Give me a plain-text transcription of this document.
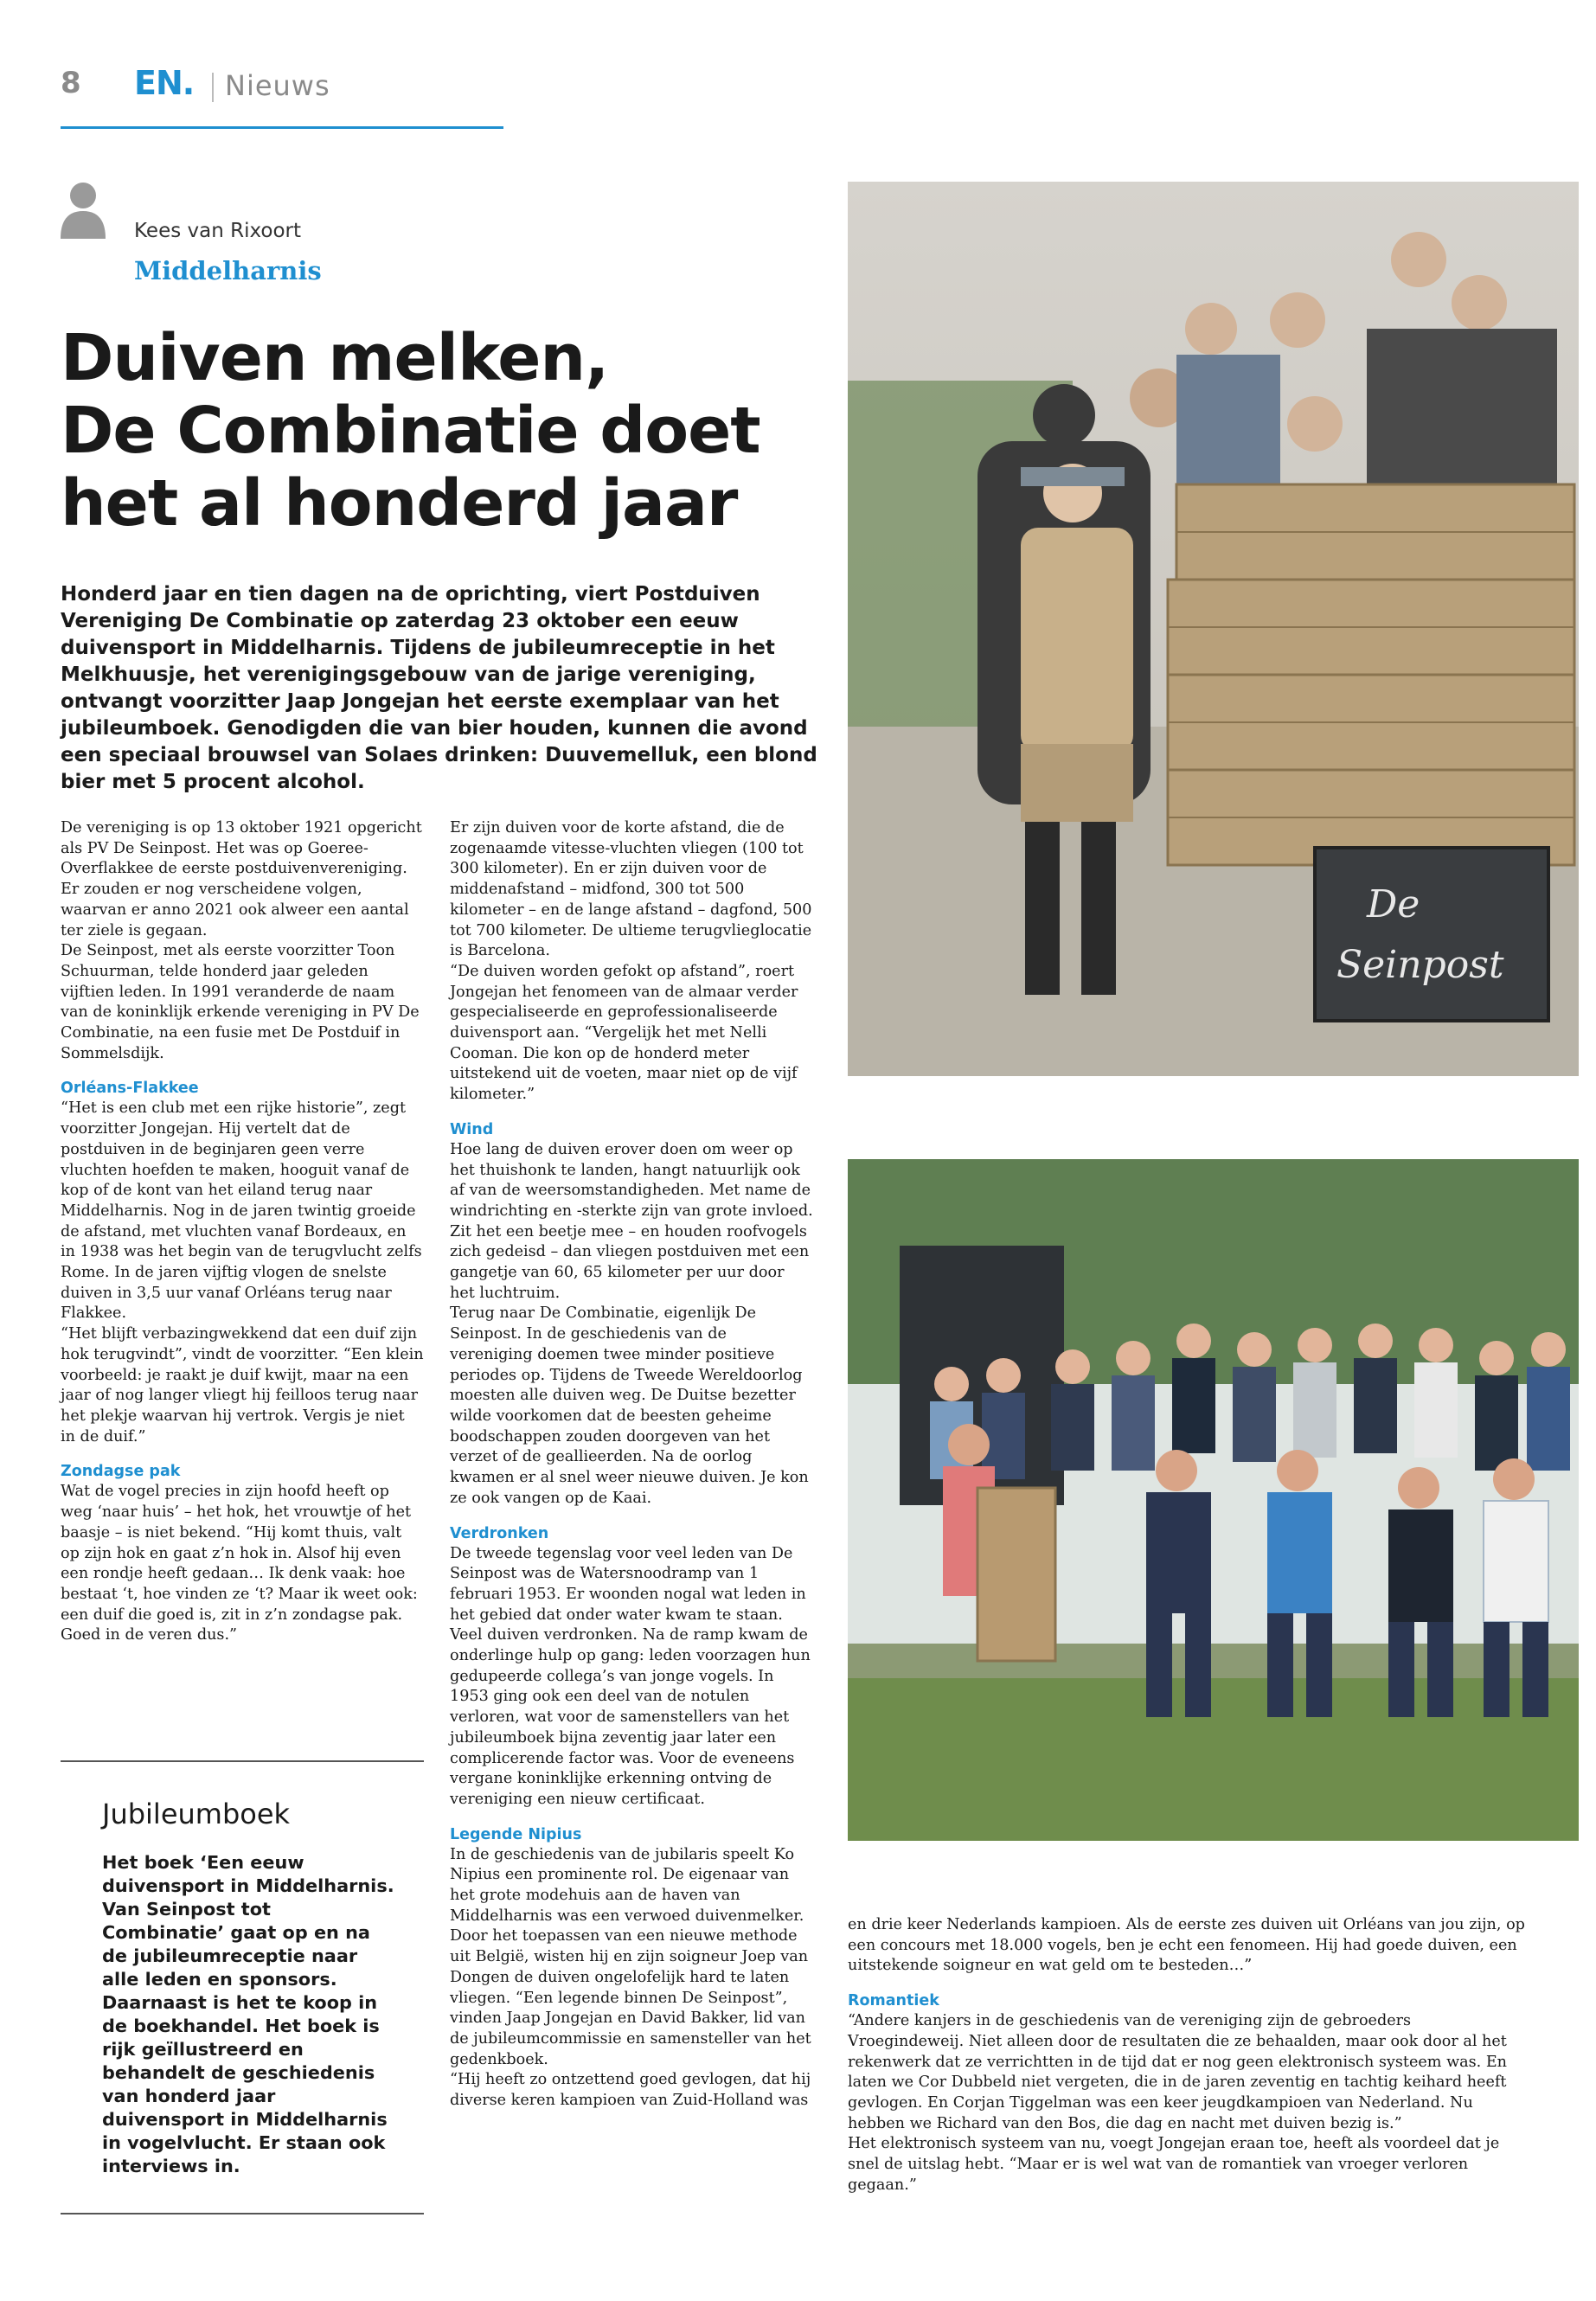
8 EN. Nieuws
Kees van Rixoort
Middelharnis
Duiven melken,
De Combinatie doet
het al honderd jaar
Honderd jaar en tien dagen na de oprichting, viert Postduiven Vereniging De Combinatie op zaterdag 23 oktober een eeuw duivensport in Middelharnis. Tijdens de jubileumreceptie in het Melkhuusje, het verenigingsgebouw van de jarige vereniging, ontvangt voorzitter Jaap Jongejan het eerste exemplaar van het jubileumboek. Genodigden die van bier houden, kunnen die avond een speciaal brouwsel van Solaes drinken: Duuvemelluk, een blond bier met 5 procent alcohol.

De vereniging is op 13 oktober 1921 opgericht als PV De Seinpost. Het was op Goeree-Overflakkee de eerste postduivenvereniging. Er zouden er nog verscheidene volgen, waarvan er anno 2021 ook alweer een aantal ter ziele is gegaan.

De Seinpost, met als eerste voorzitter Toon Schuurman, telde honderd jaar geleden vijftien leden. In 1991 veranderde de naam van de koninklijk erkende vereniging in PV De Combinatie, na een fusie met De Postduif in Sommelsdijk.

Orléans-Flakkee

“Het is een club met een rijke historie”, zegt voorzitter Jongejan. Hij vertelt dat de postduiven in de beginjaren geen verre vluchten hoefden te maken, hooguit vanaf de kop of de kont van het eiland terug naar Middelharnis. Nog in de jaren twintig groeide de afstand, met vluchten vanaf Bordeaux, en in 1938 was het begin van de terugvlucht zelfs Rome. In de jaren vijftig vlogen de snelste duiven in 3,5 uur vanaf Orléans terug naar Flakkee.

“Het blijft verbazingwekkend dat een duif zijn hok terugvindt”, vindt de voorzitter. “Een klein voorbeeld: je raakt je duif kwijt, maar na een jaar of nog langer vliegt hij feilloos terug naar het plekje waarvan hij vertrok. Vergis je niet in de duif.”

Zondagse pak

Wat de vogel precies in zijn hoofd heeft op weg ‘naar huis’ – het hok, het vrouwtje of het baasje – is niet bekend. “Hij komt thuis, valt op zijn hok en gaat z’n hok in. Alsof hij even een rondje heeft gedaan… Ik denk vaak: hoe bestaat ‘t, hoe vinden ze ‘t? Maar ik weet ook: een duif die goed is, zit in z’n zondagse pak. Goed in de veren dus.”

Jubileumboek
Het boek ‘Een eeuw duivensport in Middelharnis. Van Seinpost tot Combinatie’ gaat op en na de jubileumreceptie naar alle leden en sponsors. Daarnaast is het te koop in de boekhandel. Het boek is rijk geïllustreerd en behandelt de geschiedenis van honderd jaar duivensport in Middelharnis in vogelvlucht. Er staan ook interviews in.

Er zijn duiven voor de korte afstand, die de zogenaamde vitesse-vluchten vliegen (100 tot 300 kilometer). En er zijn duiven voor de middenafstand – midfond, 300 tot 500 kilometer – en de lange afstand – dagfond, 500 tot 700 kilometer. De ultieme terugvlieglocatie is Barcelona.

“De duiven worden gefokt op afstand”, roert Jongejan het fenomeen van de almaar verder gespecialiseerde en geprofessionaliseerde duivensport aan. “Vergelijk het met Nelli Cooman. Die kon op de honderd meter uitstekend uit de voeten, maar niet op de vijf kilometer.”

Wind

Hoe lang de duiven erover doen om weer op het thuishonk te landen, hangt natuurlijk ook af van de weersomstandigheden. Met name de windrichting en -sterkte zijn van grote invloed. Zit het een beetje mee – en houden roofvogels zich gedeisd – dan vliegen postduiven met een gangetje van 60, 65 kilometer per uur door het luchtruim.

Terug naar De Combinatie, eigenlijk De Seinpost. In de geschiedenis van de vereniging doemen twee minder positieve periodes op. Tijdens de Tweede Wereldoorlog moesten alle duiven weg. De Duitse bezetter wilde voorkomen dat de beesten geheime boodschappen zouden doorgeven van het verzet of de geallieerden. Na de oorlog kwamen er al snel weer nieuwe duiven. Je kon ze ook vangen op de Kaai.

Verdronken

De tweede tegenslag voor veel leden van De Seinpost was de Watersnoodramp van 1 februari 1953. Er woonden nogal wat leden in het gebied dat onder water kwam te staan. Veel duiven verdronken. Na de ramp kwam de onderlinge hulp op gang: leden voorzagen hun gedupeerde collega’s van jonge vogels. In 1953 ging ook een deel van de notulen verloren, wat voor de samenstellers van het jubileumboek bijna zeventig jaar later een complicerende factor was. Voor de eveneens vergane koninklijke erkenning ontving de vereniging een nieuw certificaat.

Legende Nipius

In de geschiedenis van de jubilaris speelt Ko Nipius een prominente rol. De eigenaar van het grote modehuis aan de haven van Middelharnis was een verwoed duivenmelker. Door het toepassen van een nieuwe methode uit België, wisten hij en zijn soigneur Joep van Dongen de duiven ongelofelijk hard te laten vliegen. “Een legende binnen De Seinpost”, vinden Jaap Jongejan en David Bakker, lid van de jubileumcommissie en samensteller van het gedenkboek.

“Hij heeft zo ontzettend goed gevlogen, dat hij diverse keren kampioen van Zuid-Holland was

en drie keer Nederlands kampioen. Als de eerste zes duiven uit Orléans van jou zijn, op een concours met 18.000 vogels, ben je echt een fenomeen. Hij had goede duiven, een uitstekende soigneur en wat geld om te besteden…”

Romantiek

“Andere kanjers in de geschiedenis van de vereniging zijn de gebroeders Vroegindeweij. Niet alleen door de resultaten die ze behaalden, maar ook door al het rekenwerk dat ze verrichtten in de tijd dat er nog geen elektronisch systeem was. En laten we Cor Dubbeld niet vergeten, die in de jaren zeventig en tachtig keihard heeft gevlogen. En Corjan Tiggelman was een keer jeugdkampioen van Nederland. Nu hebben we Richard van den Bos, die dag en nacht met duiven bezig is.”

Het elektronisch systeem van nu, voegt Jongejan eraan toe, heeft als voordeel dat je snel de uitslag hebt. “Maar er is wel wat van de romantiek van vroeger verloren gegaan.”

De
Seinpost
